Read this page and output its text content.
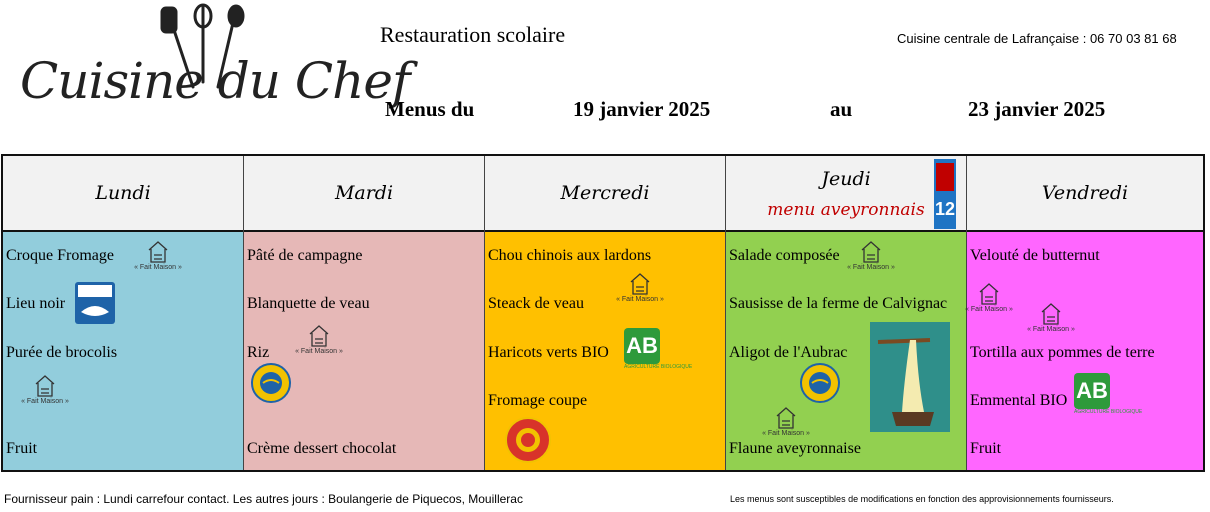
Cuisine du Chef
Restauration scolaire	Cuisine centrale de Lafrançaise : 06 70 03 81 68
Menus du	19 janvier 2025	au	23 janvier 2025
Lundi
Croque Fromage
« Fait Maison »
Lieu noir
Purée de brocolis
« Fait Maison »
Fruit
Mardi
Pâté de campagne
Blanquette de veau
Riz	« Fait Maison »
Crème dessert chocolat
Mercredi
Chou chinois aux lardons
Steack de veau	« Fait Maison »
Haricots verts BIO AB
AGRICULTURE BIOLOGIQUE
Fromage coupe
Jeudi
menu aveyronnais 12
Salade composée
« Fait Maison »
Sausisse de la ferme de Calvignac
Aligot de l'Aubrac
« Fait Maison »
Flaune aveyronnaise
Vendredi
Velouté de butternut
« Fait Maison »
« Fait Maison »
Tortilla aux pommes de terre
Emmental BIO AB
AGRICULTURE BIOLOGIQUE
Fruit
Fournisseur pain : Lundi carrefour contact. Les autres jours : Boulangerie de Piquecos, Mouillerac	Les menus sont susceptibles de modifications en fonction des approvisionnements fournisseurs.
